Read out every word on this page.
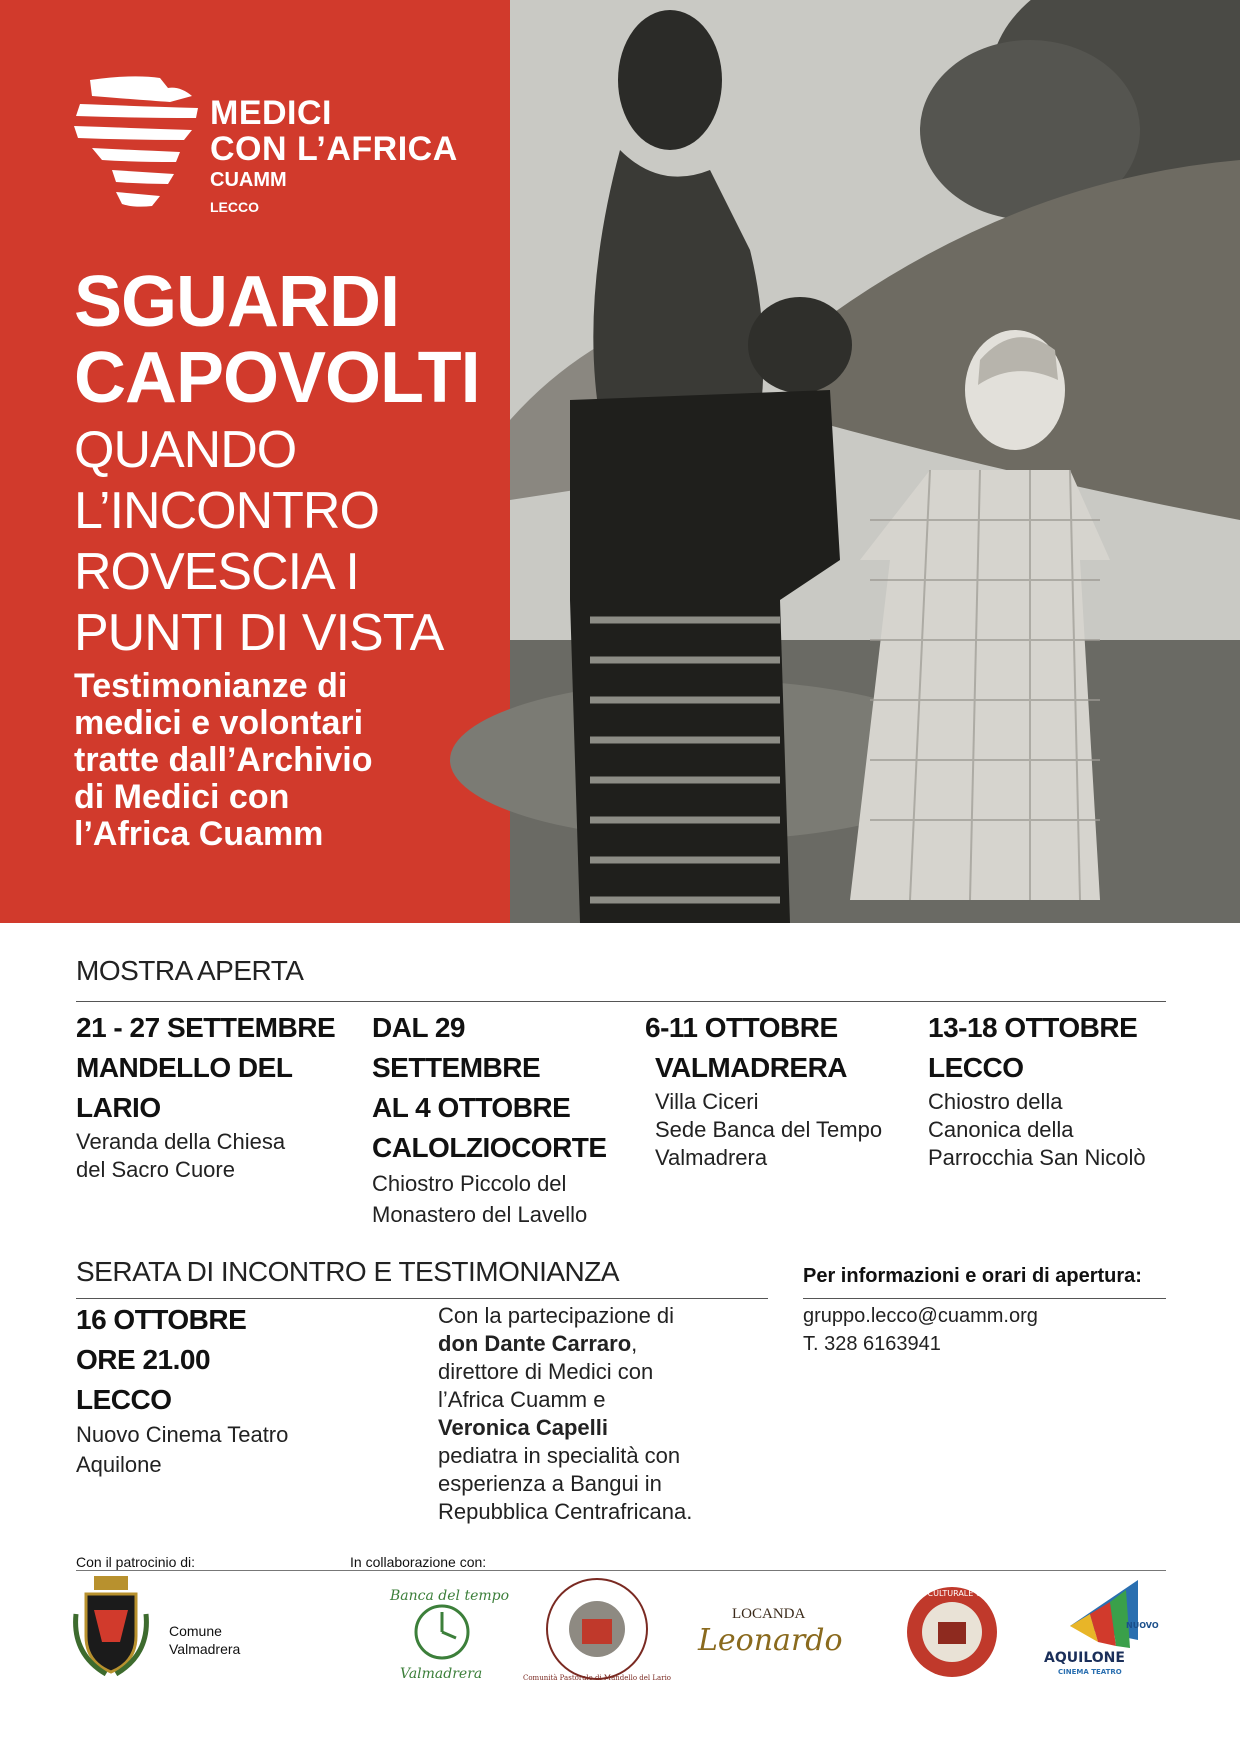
MEDICI
CON L’AFRICA
CUAMM
LECCO
SGUARDI
CAPOVOLTI
QUANDO
L’INCONTRO
ROVESCIA I
PUNTI DI VISTA
Testimonianze di
medici e volontari
tratte dall’Archivio
di Medici con
l’Africa Cuamm
MOSTRA APERTA
21 - 27 SETTEMBRE
MANDELLO DEL
LARIO
Veranda della Chiesa
del Sacro Cuore
DAL 29 SETTEMBRE
AL 4 OTTOBRE
CALOLZIOCORTE
Chiostro Piccolo del
Monastero del Lavello
6-11 OTTOBRE
VALMADRERA
Villa Ciceri
Sede Banca del Tempo
Valmadrera
13-18 OTTOBRE
LECCO
Chiostro della
Canonica della
Parrocchia San Nicolò
SERATA DI INCONTRO E TESTIMONIANZA
16 OTTOBRE
ORE 21.00
LECCO
Nuovo Cinema Teatro
Aquilone
Con la partecipazione di
don Dante Carraro,
direttore di Medici con
l’Africa Cuamm e
Veronica Capelli
pediatra in specialità con
esperienza a Bangui in
Repubblica Centrafricana.
Per informazioni e orari di apertura:
gruppo.lecco@cuamm.org
T. 328 6163941
Con il patrocinio di:	In collaborazione con:
Comune
Valmadrera
Banca del tempo
Valmadrera	Comunità Pastorale di Mandello del Lario
LOCANDA
Leonardo
CENTRO CULTURALE OTTANTA
NUOVO
AQUILONE
CINEMA TEATRO
